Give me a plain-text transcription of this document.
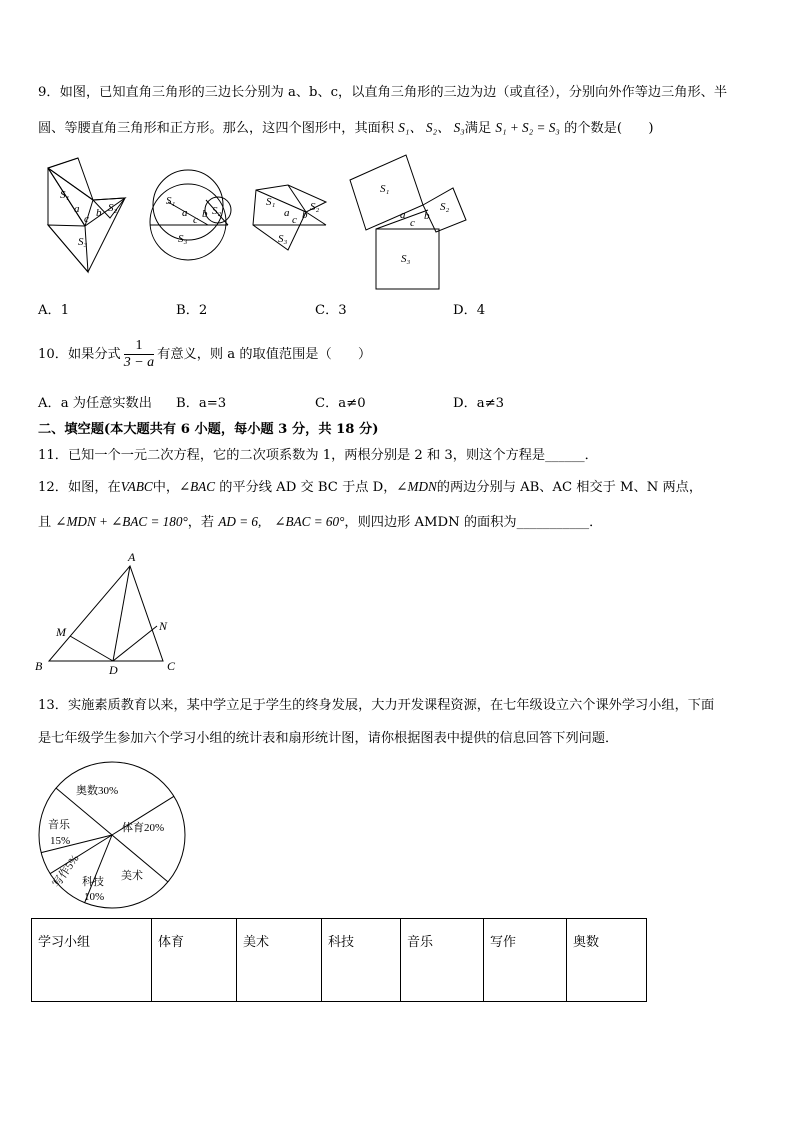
9．如图，已知直角三角形的三边长分别为 a、b、c，以直角三角形的三边为边（或直径），分别向外作等边三角形、半
圆、等腰直角三角形和正方形。那么，这四个图形中，其面积 S₁、 S₂、 S₃满足 S₁ + S₂ = S₃ 的个数是(　　)
S₁
S₂
S₃
a b
c
S₁
S₂
S₃
a b
c
S₁	S₂
S₃
a b
c
S₁
S₂
S₃
a b
c
A．1	B．2	C．3	D．4
10．如果分式 $\frac{1}{3 - a}$ 有意义，则 a 的取值范围是（　　）
A．a 为任意实数出 B．a=3	C．a≠0	D．a≠3
二、填空题(本大题共有 6 小题，每小题 3 分，共 18 分)
11．已知一个一元二次方程，它的二次项系数为 1，两根分别是 2 和 3，则这个方程是______．
12．如图，在VABC中，∠BAC 的平分线 AD 交 BC 于点 D，∠MDN的两边分别与 AB、AC 相交于 M、N 两点，
且 ∠MDN + ∠BAC = 180°，若 AD = 6,　∠BAC = 60°，则四边形 AMDN 的面积为___________．
A
B	C
D
M	N
13．实施素质教育以来，某中学立足于学生的终身发展，大力开发课程资源，在七年级设立六个课外学习小组，下面
是七年级学生参加六个学习小组的统计表和扇形统计图，请你根据图表中提供的信息回答下列问题．
奥数30%
体育20%
美术
科技
10%
音乐
15%
写作5%
学习小组	体育	美术	科技	音乐	写作	奥数
